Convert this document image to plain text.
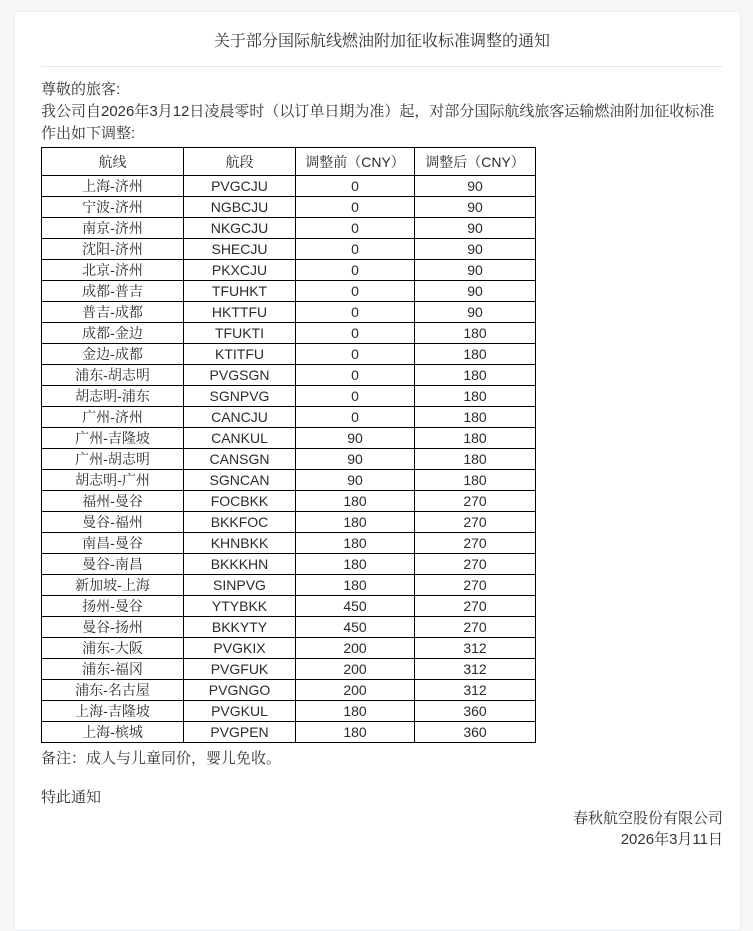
关于部分国际航线燃油附加征收标准调整的通知

尊敬的旅客:

我公司自2026年3月12日凌晨零时（以订单日期为准）起，对部分国际航线旅客运输燃油附加征收标准作出如下调整:

航线	航段	调整前（CNY）	调整后（CNY）
上海-济州	PVGCJU	0	90
宁波-济州	NGBCJU	0	90
南京-济州	NKGCJU	0	90
沈阳-济州	SHECJU	0	90
北京-济州	PKXCJU	0	90
成都-普吉	TFUHKT	0	90
普吉-成都	HKTTFU	0	90
成都-金边	TFUKTI	0	180
金边-成都	KTITFU	0	180
浦东-胡志明	PVGSGN	0	180
胡志明-浦东	SGNPVG	0	180
广州-济州	CANCJU	0	180
广州-吉隆坡	CANKUL	90	180
广州-胡志明	CANSGN	90	180
胡志明-广州	SGNCAN	90	180
福州-曼谷	FOCBKK	180	270
曼谷-福州	BKKFOC	180	270
南昌-曼谷	KHNBKK	180	270
曼谷-南昌	BKKKHN	180	270
新加坡-上海	SINPVG	180	270
扬州-曼谷	YTYBKK	450	270
曼谷-扬州	BKKYTY	450	270
浦东-大阪	PVGKIX	200	312
浦东-福冈	PVGFUK	200	312
浦东-名古屋	PVGNGO	200	312
上海-吉隆坡	PVGKUL	180	360
上海-槟城	PVGPEN	180	360

备注：成人与儿童同价，婴儿免收。

特此通知

春秋航空股份有限公司

2026年3月11日
